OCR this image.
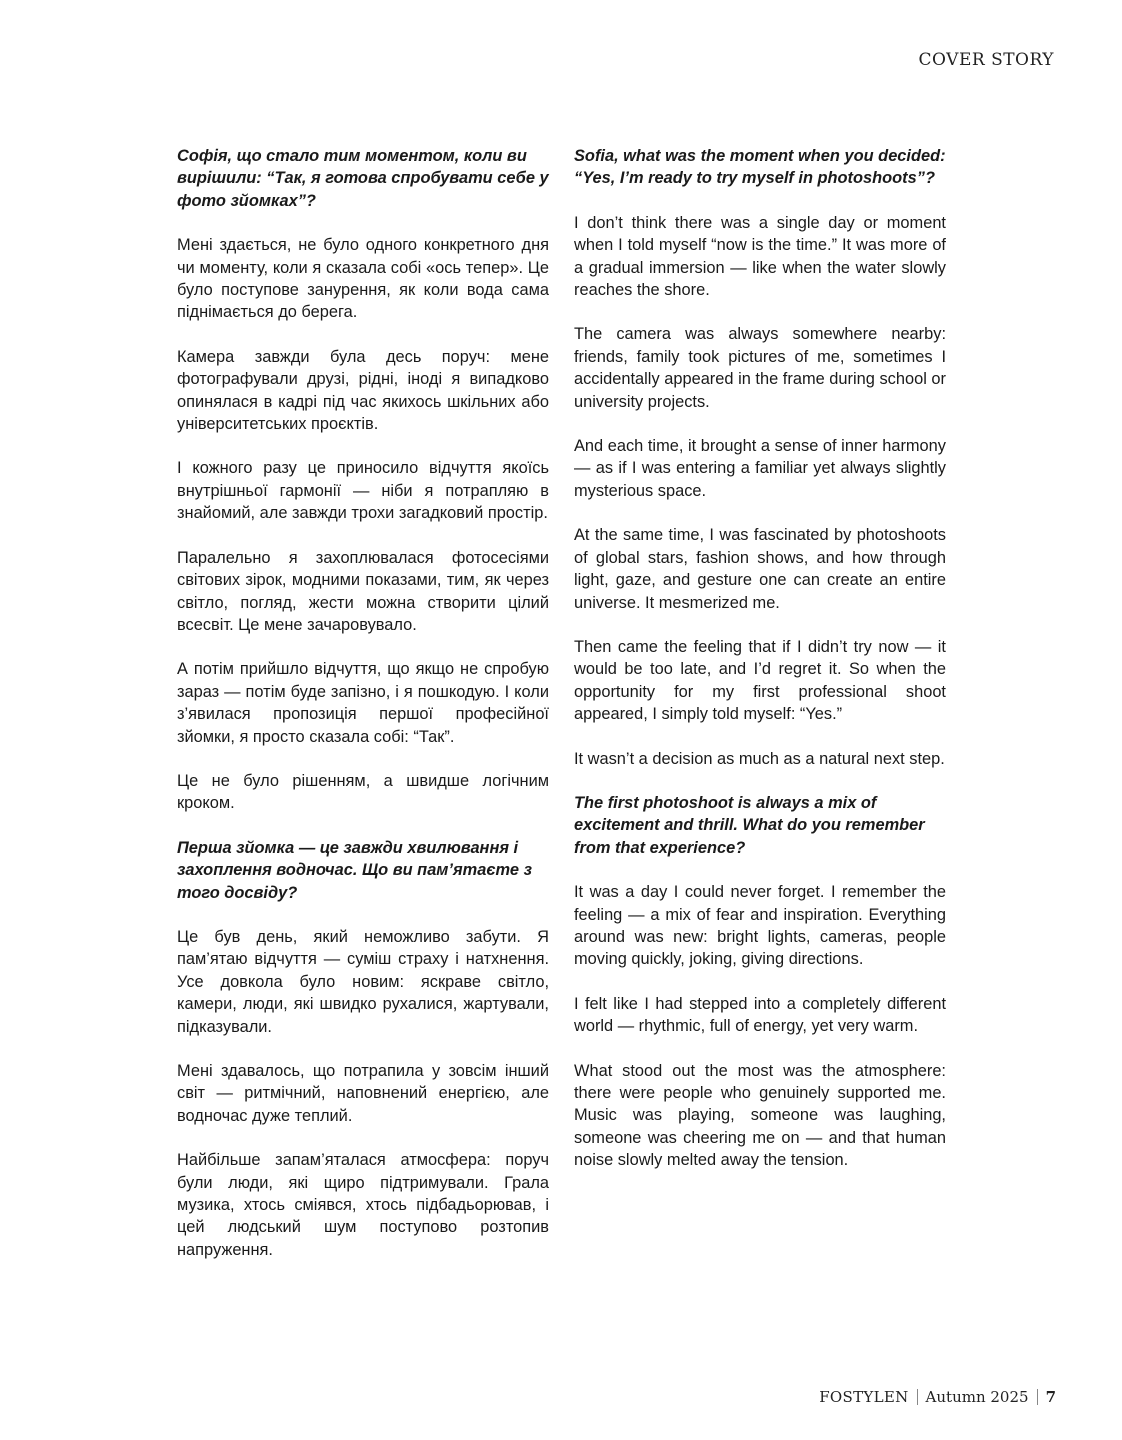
COVER STORY

Софія, що стало тим моментом, коли ви вирішили: “Так, я готова спробувати себе у фото зйомках”?

Мені здається, не було одного конкретного дня чи моменту, коли я сказала собі «ось тепер». Це було поступове занурення, як коли вода сама піднімається до берега.

Камера завжди була десь поруч: мене фотографували друзі, рідні, іноді я випадково опинялася в кадрі під час якихось шкільних або університетських проєктів.

І кожного разу це приносило відчуття якоїсь внутрішньої гармонії — ніби я потрапляю в знайомий, але завжди трохи загадковий простір.

Паралельно я захоплювалася фотосесіями світових зірок, модними показами, тим, як через світло, погляд, жести можна створити цілий всесвіт. Це мене зачаровувало.

А потім прийшло відчуття, що якщо не спробую зараз — потім буде запізно, і я пошкодую. І коли з’явилася пропозиція першої професійної зйомки, я просто сказала собі: “Так”.

Це не було рішенням, а швидше логічним кроком.

Перша зйомка — це завжди хвилювання і захоплення водночас. Що ви пам’ятаєте з того досвіду?

Це був день, який неможливо забути. Я пам’ятаю відчуття — суміш страху і натхнення. Усе довкола було новим: яскраве світло, камери, люди, які швидко рухалися, жартували, підказували.

Мені здавалось, що потрапила у зовсім інший світ — ритмічний, наповнений енергією, але водночас дуже теплий.

Найбільше запам’яталася атмосфера: поруч були люди, які щиро підтримували. Грала музика, хтось сміявся, хтось підбадьорював, і цей людський шум поступово розтопив напруження.

Sofia, what was the moment when you decided: “Yes, I’m ready to try myself in photoshoots”?

I don’t think there was a single day or moment when I told myself “now is the time.” It was more of a gradual immersion — like when the water slowly reaches the shore.

The camera was always somewhere nearby: friends, family took pictures of me, sometimes I accidentally appeared in the frame during school or university projects.

And each time, it brought a sense of inner harmony — as if I was entering a familiar yet always slightly mysterious space.

At the same time, I was fascinated by photoshoots of global stars, fashion shows, and how through light, gaze, and gesture one can create an entire universe. It mesmerized me.

Then came the feeling that if I didn’t try now — it would be too late, and I’d regret it. So when the opportunity for my first professional shoot appeared, I simply told myself: “Yes.”

It wasn’t a decision as much as a natural next step.

The first photoshoot is always a mix of excitement and thrill. What do you remember from that experience?

It was a day I could never forget. I remember the feeling — a mix of fear and inspiration. Everything around was new: bright lights, cameras, people moving quickly, joking, giving directions.

I felt like I had stepped into a completely different world — rhythmic, full of energy, yet very warm.

What stood out the most was the atmosphere: there were people who genuinely supported me. Music was playing, someone was laughing, someone was cheering me on — and that human noise slowly melted away the tension.

FOSTYLEN Autumn 2025 7
